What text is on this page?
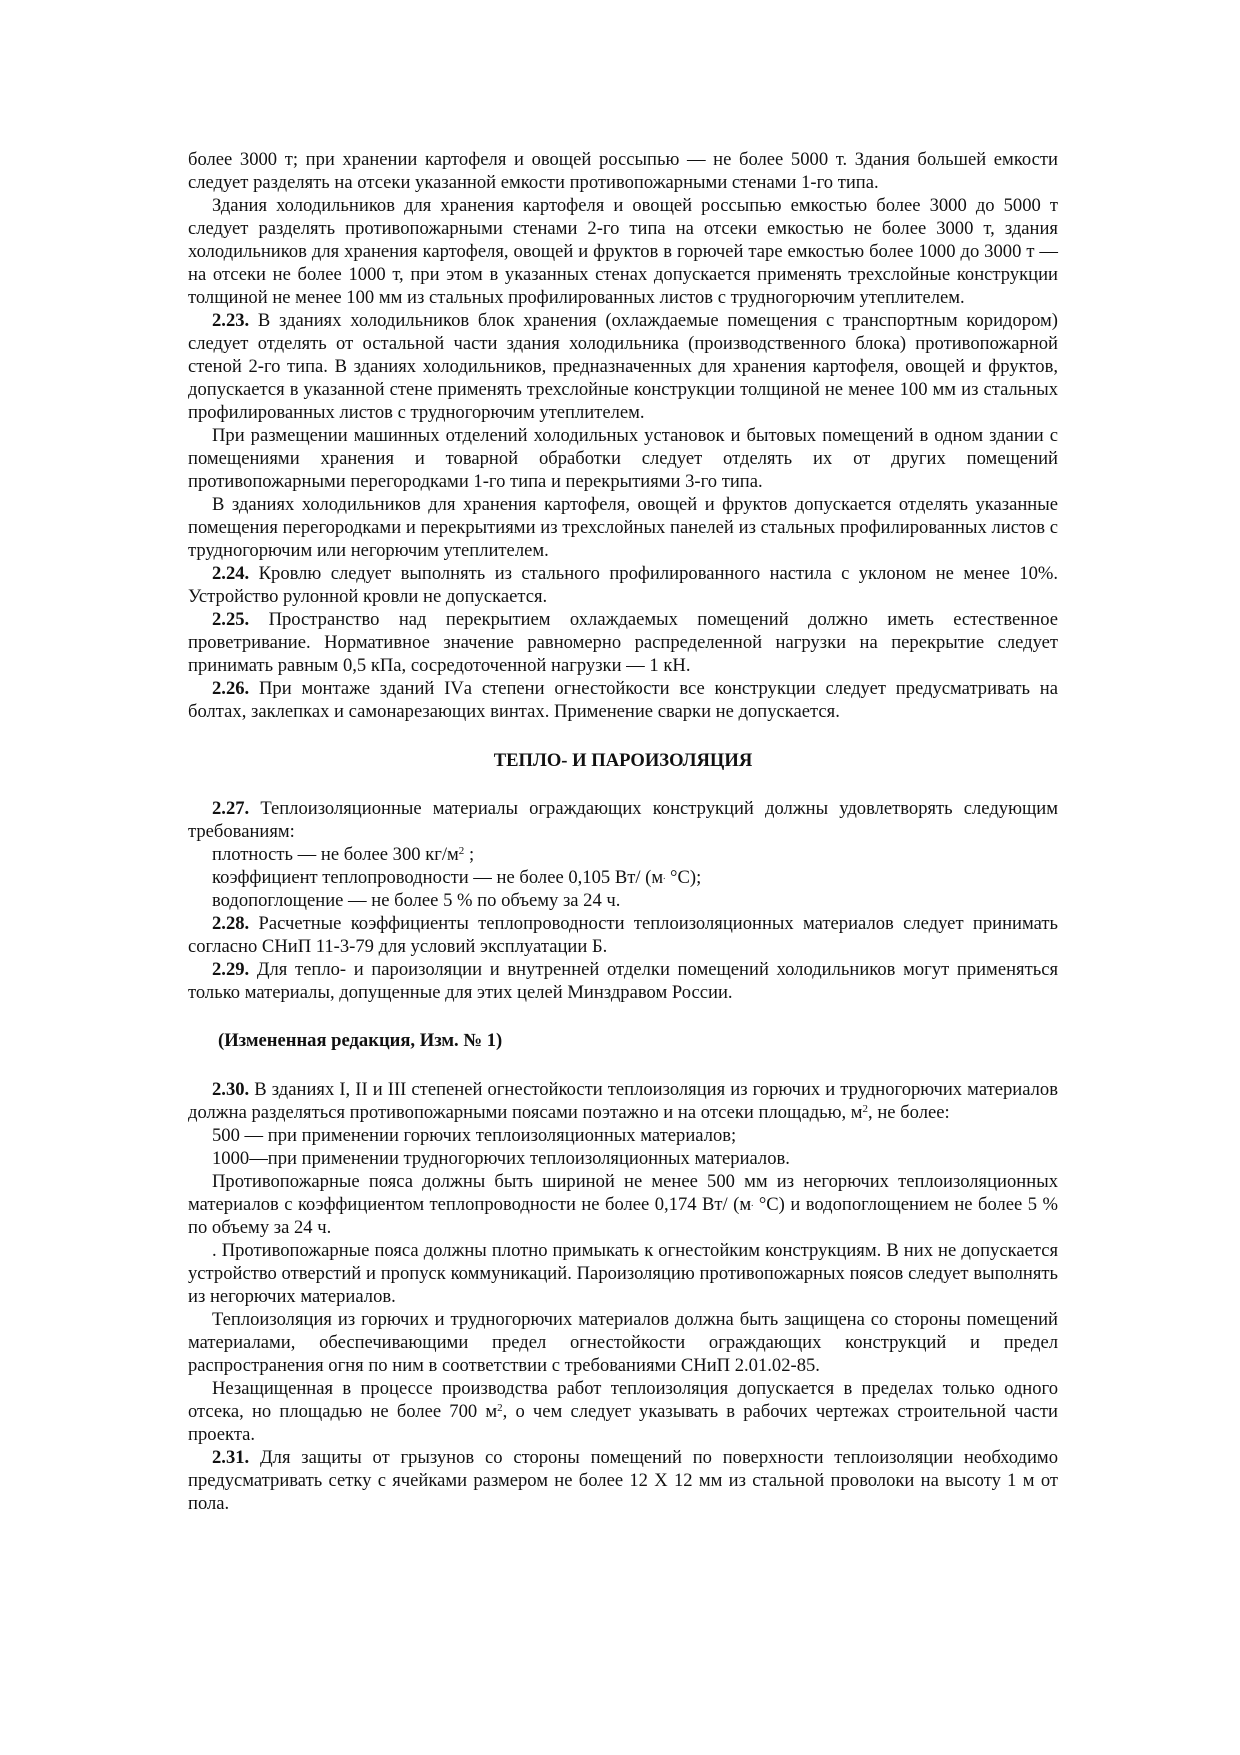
более 3000 т; при хранении картофеля и овощей россыпью — не более 5000 т. Здания большей емкости следует разделять на отсеки указанной емкости противопожарными стенами 1-го типа.

Здания холодильников для хранения картофеля и овощей россыпью емкостью более 3000 до 5000 т следует разделять противопожарными стенами 2-го типа на отсеки емкостью не более 3000 т, здания холодильников для хранения картофеля, овощей и фруктов в горючей таре емкостью более 1000 до 3000 т — на отсеки не более 1000 т, при этом в указанных стенах допускается применять трехслойные конструкции толщиной не менее 100 мм из стальных профилированных листов с трудногорючим утеплителем.

2.23. В зданиях холодильников блок хранения (охлаждаемые помещения с транспортным коридором) следует отделять от остальной части здания холодильника (производственного блока) противопожарной стеной 2-го типа. В зданиях холодильников, предназначенных для хранения картофеля, овощей и фруктов, допускается в указанной стене применять трехслойные конструкции толщиной не менее 100 мм из стальных профилированных листов с трудногорючим утеплителем.

При размещении машинных отделений холодильных установок и бытовых помещений в одном здании с помещениями хранения и товарной обработки следует отделять их от других помещений противопожарными перегородками 1-го типа и перекрытиями 3-го типа.

В зданиях холодильников для хранения картофеля, овощей и фруктов допускается отделять указанные помещения перегородками и перекрытиями из трехслойных панелей из стальных профилированных листов с трудногорючим или негорючим утеплителем.

2.24. Кровлю следует выполнять из стального профилированного настила с уклоном не менее 10%. Устройство рулонной кровли не допускается.

2.25. Пространство над перекрытием охлаждаемых помещений должно иметь естественное проветривание. Нормативное значение равномерно распределенной нагрузки на перекрытие следует принимать равным 0,5 кПа, сосредоточенной нагрузки — 1 кН.

2.26. При монтаже зданий IVа степени огнестойкости все конструкции следует предусматривать на болтах, заклепках и самонарезающих винтах. Применение сварки не допускается.

ТЕПЛО- И ПАРОИЗОЛЯЦИЯ

2.27. Теплоизоляционные материалы ограждающих конструкций должны удовлетворять следующим требованиям:

плотность — не более 300 $кг/м^2$ ;

коэффициент теплопроводности — не более 0,105 Вт/ (м. °С);

водопоглощение — не более 5 % по объему за 24 ч.

2.28. Расчетные коэффициенты теплопроводности теплоизоляционных материалов следует принимать согласно СНиП 11-3-79 для условий эксплуатации Б.

2.29. Для тепло- и пароизоляции и внутренней отделки помещений холодильников могут применяться только материалы, допущенные для этих целей Минздравом России.

(Измененная редакция, Изм. № 1)

2.30. В зданиях I, II и III степеней огнестойкости теплоизоляция из горючих и трудногорючих материалов должна разделяться противопожарными поясами поэтажно и на отсеки площадью, $м^2$, не более:

500 — при применении горючих теплоизоляционных материалов;

1000—при применении трудногорючих теплоизоляционных материалов.

Противопожарные пояса должны быть шириной не менее 500 мм из негорючих теплоизоляционных материалов с коэффициентом теплопроводности не более 0,174 Вт/ (м. °С) и водопоглощением не более 5 % по объему за 24 ч.

. Противопожарные пояса должны плотно примыкать к огнестойким конструкциям. В них не допускается устройство отверстий и пропуск коммуникаций. Пароизоляцию противопожарных поясов следует выполнять из негорючих материалов.

Теплоизоляция из горючих и трудногорючих материалов должна быть защищена со стороны помещений материалами, обеспечивающими предел огнестойкости ограждающих конструкций и предел распространения огня по ним в соответствии с требованиями СНиП 2.01.02-85.

Незащищенная в процессе производства работ теплоизоляция допускается в пределах только одного отсека, но площадью не более 700 $м^2$, о чем следует указывать в рабочих чертежах строительной части проекта.

2.31. Для защиты от грызунов со стороны помещений по поверхности теплоизоляции необходимо предусматривать сетку с ячейками размером не более 12 Х 12 мм из стальной проволоки на высоту 1 м от пола.
